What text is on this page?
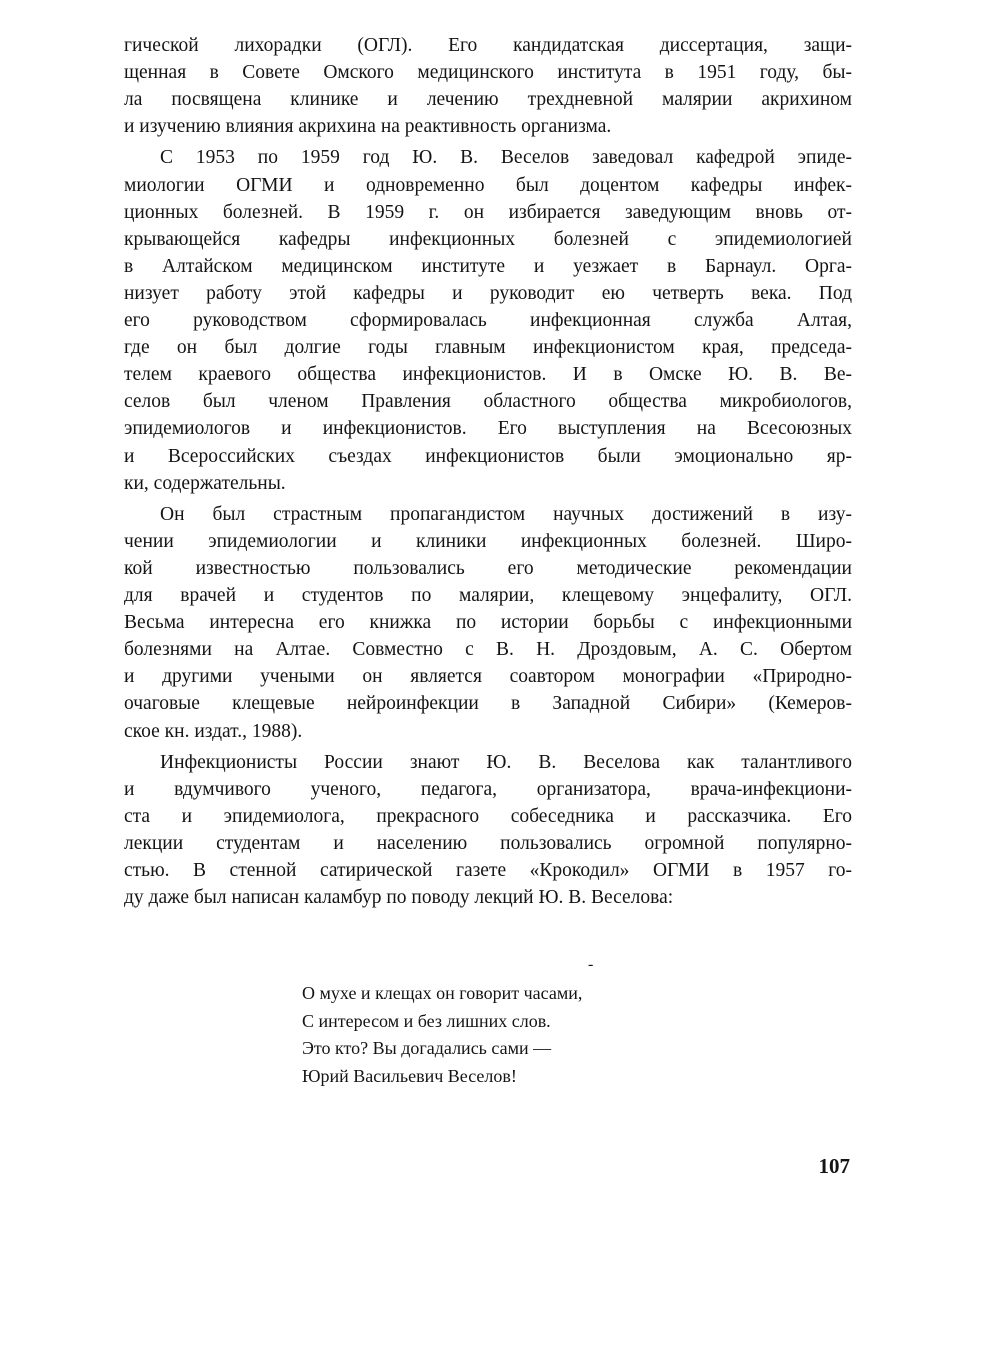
гической лихорадки (ОГЛ). Его кандидатская диссертация, защи-
щенная в Совете Омского медицинского института в 1951 году, бы-
ла посвящена клинике и лечению трехдневной малярии акрихином
и изучению влияния акрихина на реактивность организма.
С 1953 по 1959 год Ю. В. Веселов заведовал кафедрой эпиде-
миологии ОГМИ и одновременно был доцентом кафедры инфек-
ционных болезней. В 1959 г. он избирается заведующим вновь от-
крывающейся кафедры инфекционных болезней с эпидемиологией
в Алтайском медицинском институте и уезжает в Барнаул. Орга-
низует работу этой кафедры и руководит ею четверть века. Под
его руководством сформировалась инфекционная служба Алтая,
где он был долгие годы главным инфекционистом края, председа-
телем краевого общества инфекционистов. И в Омске Ю. В. Ве-
селов был членом Правления областного общества микробиологов,
эпидемиологов и инфекционистов. Его выступления на Всесоюзных
и Всероссийских съездах инфекционистов были эмоционально яр-
ки, содержательны.
Он был страстным пропагандистом научных достижений в изу-
чении эпидемиологии и клиники инфекционных болезней. Широ-
кой известностью пользовались его методические рекомендации
для врачей и студентов по малярии, клещевому энцефалиту, ОГЛ.
Весьма интересна его книжка по истории борьбы с инфекционными
болезнями на Алтае. Совместно с В. Н. Дроздовым, А. С. Обертом
и другими учеными он является соавтором монографии «Природно-
очаговые клещевые нейроинфекции в Западной Сибири» (Кемеров-
ское кн. издат., 1988).
Инфекционисты России знают Ю. В. Веселова как талантливого
и вдумчивого ученого, педагога, организатора, врача-инфекциони-
ста и эпидемиолога, прекрасного собеседника и рассказчика. Его
лекции студентам и населению пользовались огромной популярно-
стью. В стенной сатирической газете «Крокодил» ОГМИ в 1957 го-
ду даже был написан каламбур по поводу лекций Ю. В. Веселова:
-
О мухе и клещах он говорит часами,
С интересом и без лишних слов.
Это кто? Вы догадались сами —
Юрий Васильевич Веселов!
107
